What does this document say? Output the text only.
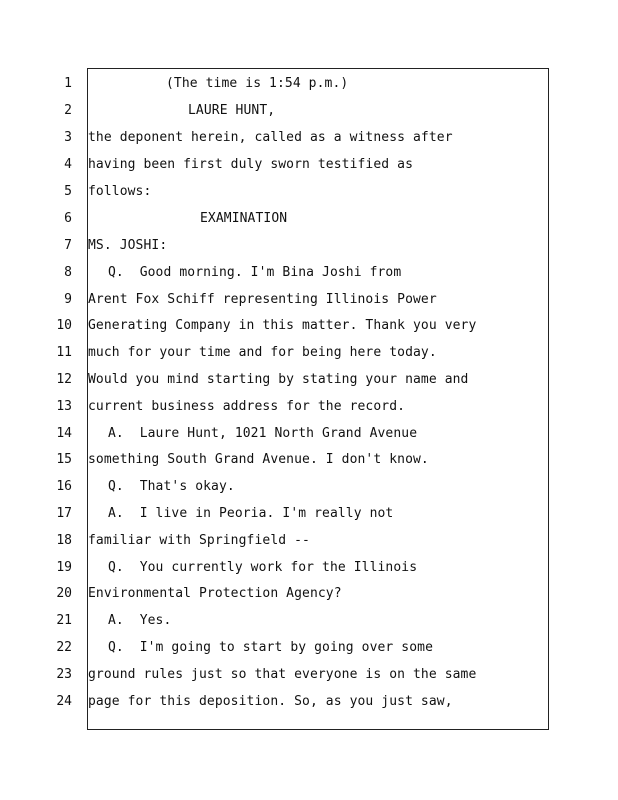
1
2
3
4
5
6
7
8
9
10
11
12
13
14
15
16
17
18
19
20
21
22
23
24
(The time is 1:54 p.m.)
LAURE HUNT,
the deponent herein, called as a witness after
having been first duly sworn testified as
follows:
EXAMINATION
MS. JOSHI:
Q.  Good morning. I'm Bina Joshi from
Arent Fox Schiff representing Illinois Power
Generating Company in this matter. Thank you very
much for your time and for being here today.
Would you mind starting by stating your name and
current business address for the record.
A.  Laure Hunt, 1021 North Grand Avenue
something South Grand Avenue. I don't know.
Q.  That's okay.
A.  I live in Peoria. I'm really not
familiar with Springfield --
Q.  You currently work for the Illinois
Environmental Protection Agency?
A.  Yes.
Q.  I'm going to start by going over some
ground rules just so that everyone is on the same
page for this deposition. So, as you just saw,
